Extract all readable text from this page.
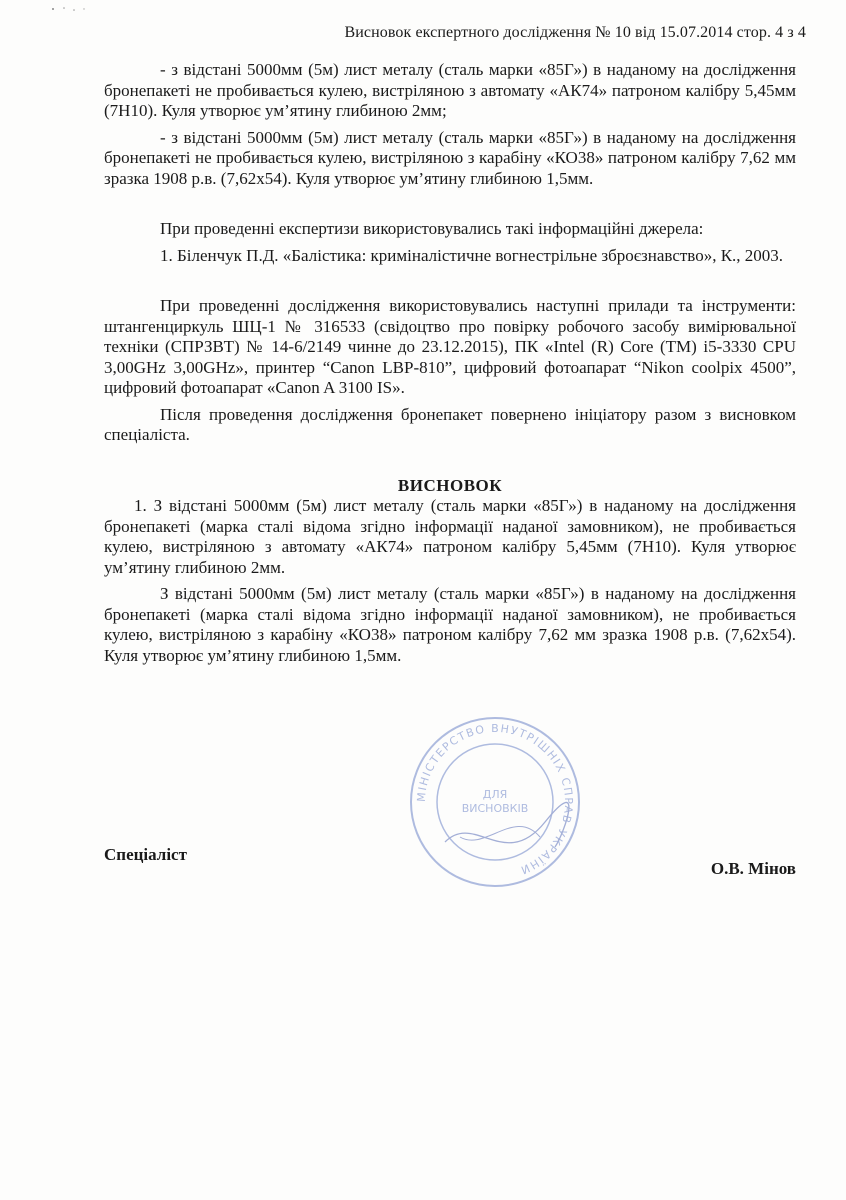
Висновок експертного дослідження № 10 від 15.07.2014 стор. 4 з 4

- з відстані 5000мм (5м) лист металу (сталь марки «85Г») в наданому на дослідження бронепакеті не пробивається кулею, вистріляною з автомату «АК74» патроном калібру 5,45мм (7Н10). Куля утворює ум’ятину глибиною 2мм;

- з відстані 5000мм (5м) лист металу (сталь марки «85Г») в наданому на дослідження бронепакеті не пробивається кулею, вистріляною з карабіну «КО38» патроном калібру 7,62 мм зразка 1908 р.в. (7,62х54). Куля утворює ум’ятину глибиною 1,5мм.

При проведенні експертизи використовувались такі інформаційні джерела:

1. Біленчук П.Д. «Балістика: криміналістичне вогнестрільне зброєзнавство», К., 2003.

При проведенні дослідження використовувались наступні прилади та інструменти: штангенциркуль ШЦ-1 № 316533 (свідоцтво про повірку робочого засобу вимірювальної техніки (СПРЗВТ) № 14-6/2149 чинне до 23.12.2015), ПК «Intel (R) Core (TM) i5-3330 CPU 3,00GHz 3,00GHz», принтер “Canon LBP-810”, цифровий фотоапарат “Nikon coolpix 4500”, цифровий фотоапарат «Canon A 3100 IS».

Після проведення дослідження бронепакет повернено ініціатору разом з висновком спеціаліста.

ВИСНОВОК

1. З відстані 5000мм (5м) лист металу (сталь марки «85Г») в наданому на дослідження бронепакеті (марка сталі відома згідно інформації наданої замовником), не пробивається кулею, вистріляною з автомату «АК74» патроном калібру 5,45мм (7Н10). Куля утворює ум’ятину глибиною 2мм.

З відстані 5000мм (5м) лист металу (сталь марки «85Г») в наданому на дослідження бронепакеті (марка сталі відома згідно інформації наданої замовником), не пробивається кулею, вистріляною з карабіну «КО38» патроном калібру 7,62 мм зразка 1908 р.в. (7,62х54). Куля утворює ум’ятину глибиною 1,5мм.

Спеціаліст
О.В. Мінов
МІНІСТЕРСТВО ВНУТРІШНІХ СПРАВ УКРАЇНИ
ДЛЯ
ВИСНОВКІВ
